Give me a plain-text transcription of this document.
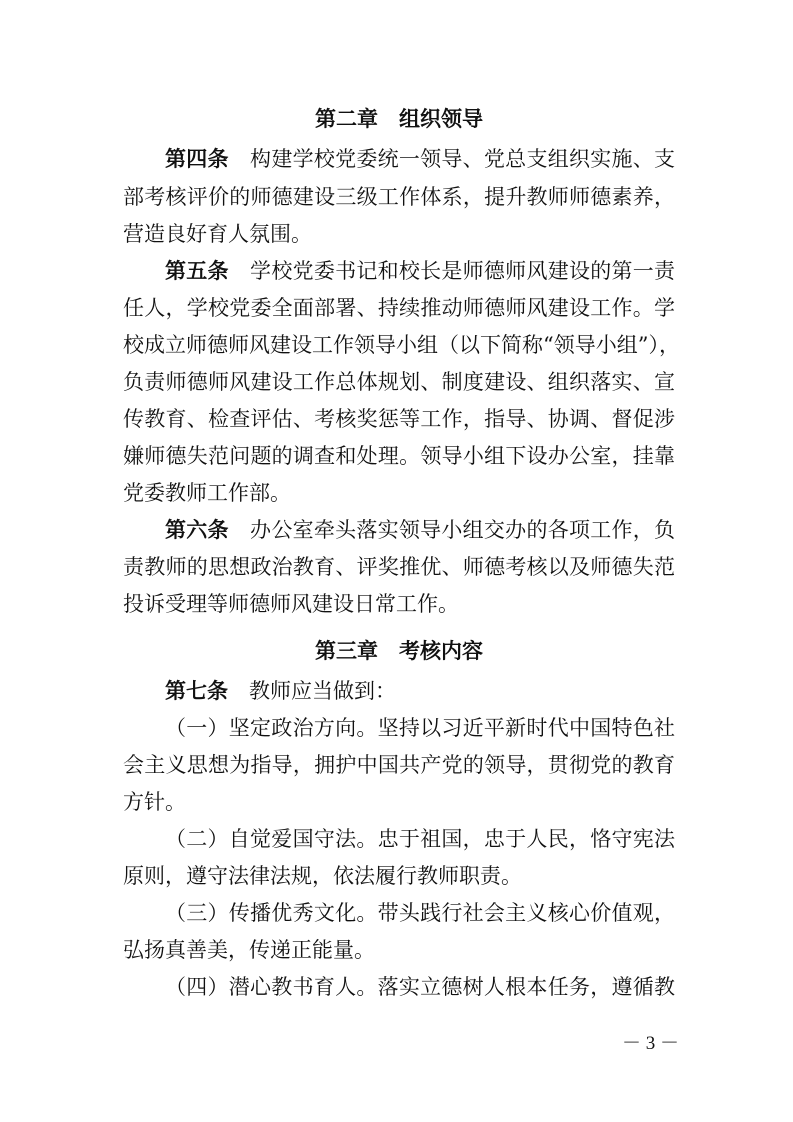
第二章　组织领导
第四条  构建学校党委统一领导、党总支组织实施、支
部考核评价的师德建设三级工作体系，提升教师师德素养，
营造良好育人氛围。
第五条  学校党委书记和校长是师德师风建设的第一责
任人，学校党委全面部署、持续推动师德师风建设工作。学
校成立师德师风建设工作领导小组（以下简称“领导小组”），
负责师德师风建设工作总体规划、制度建设、组织落实、宣
传教育、检查评估、考核奖惩等工作，指导、协调、督促涉
嫌师德失范问题的调查和处理。领导小组下设办公室，挂靠
党委教师工作部。
第六条  办公室牵头落实领导小组交办的各项工作，负
责教师的思想政治教育、评奖推优、师德考核以及师德失范
投诉受理等师德师风建设日常工作。
第三章　考核内容
第七条  教师应当做到：
（一）坚定政治方向。坚持以习近平新时代中国特色社
会主义思想为指导，拥护中国共产党的领导，贯彻党的教育
方针。
（二）自觉爱国守法。忠于祖国，忠于人民，恪守宪法
原则，遵守法律法规，依法履行教师职责。
（三）传播优秀文化。带头践行社会主义核心价值观，
弘扬真善美，传递正能量。
（四）潜心教书育人。落实立德树人根本任务，遵循教
－ 3 －
